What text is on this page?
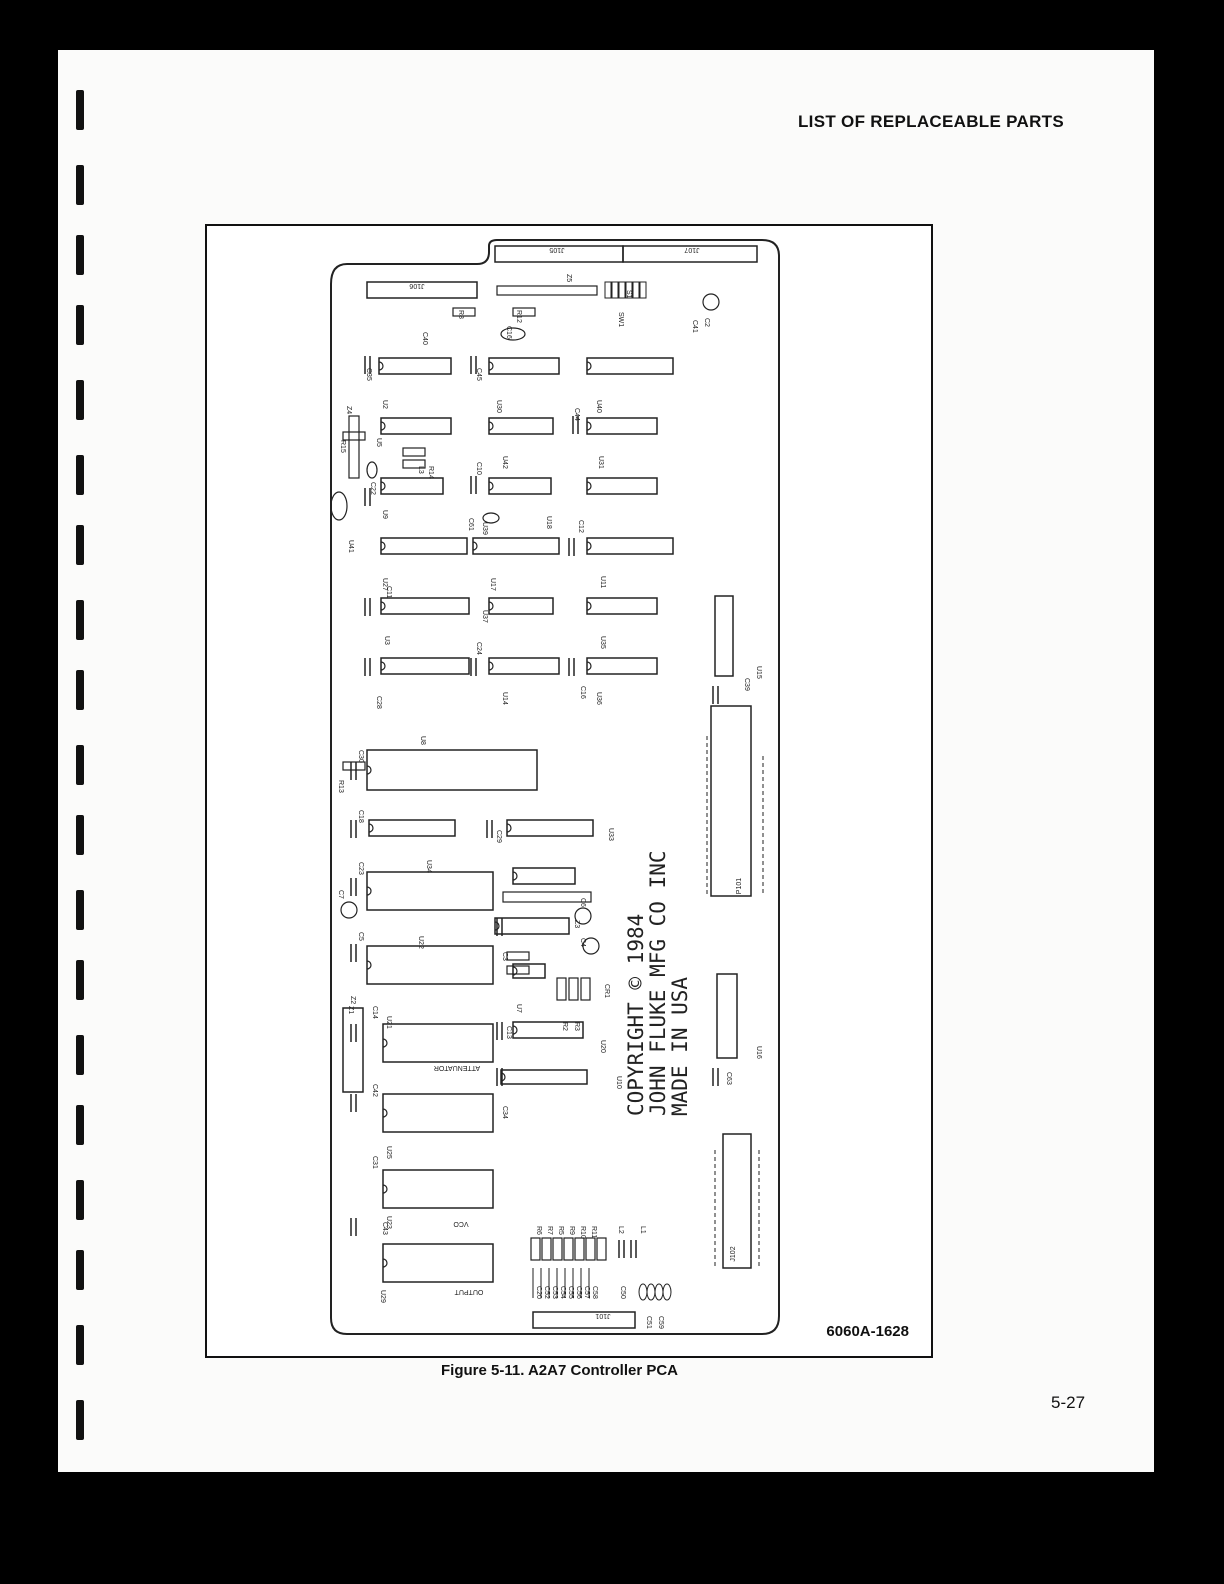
LIST OF REPLACEABLE PARTS
J105	J107
J106
P101
J102
J101
COPYRIGHT © 1984
JOHN FLUKE MFG CO INC
MADE IN USA
ATTENUATOR
OUTPUT
VCO
U2	U30	U40
U5
U42	U31
U9
U18
U39
U27	U17	U11
U3
U37
U35
U14	U36
U8
U33
U34
U22
U21
U20
U10
U25
U23
U29
U15
U16
U41
U7
C35	C45
C44
C10
C12
C11
C24
C16
C28
C30
C18
C29
C23
C7
C5
C6
C4
C3
C13
C14
C42
C34
C31
C43
C41 C2
C16
C40
C22
C61
C39
C20 C52 C53 C54 C55 C56 C57 C58	C50
C51 C59
C63
R15
R14
R13
R8	R12
R6 R7 R5 R9 R10 R11
R2 R3
CR1
L1
L2
L3
Z1
Z2
Z3
Z4
Z5
SW1
S1
6060A-1628
Figure 5-11. A2A7 Controller PCA
5-27
